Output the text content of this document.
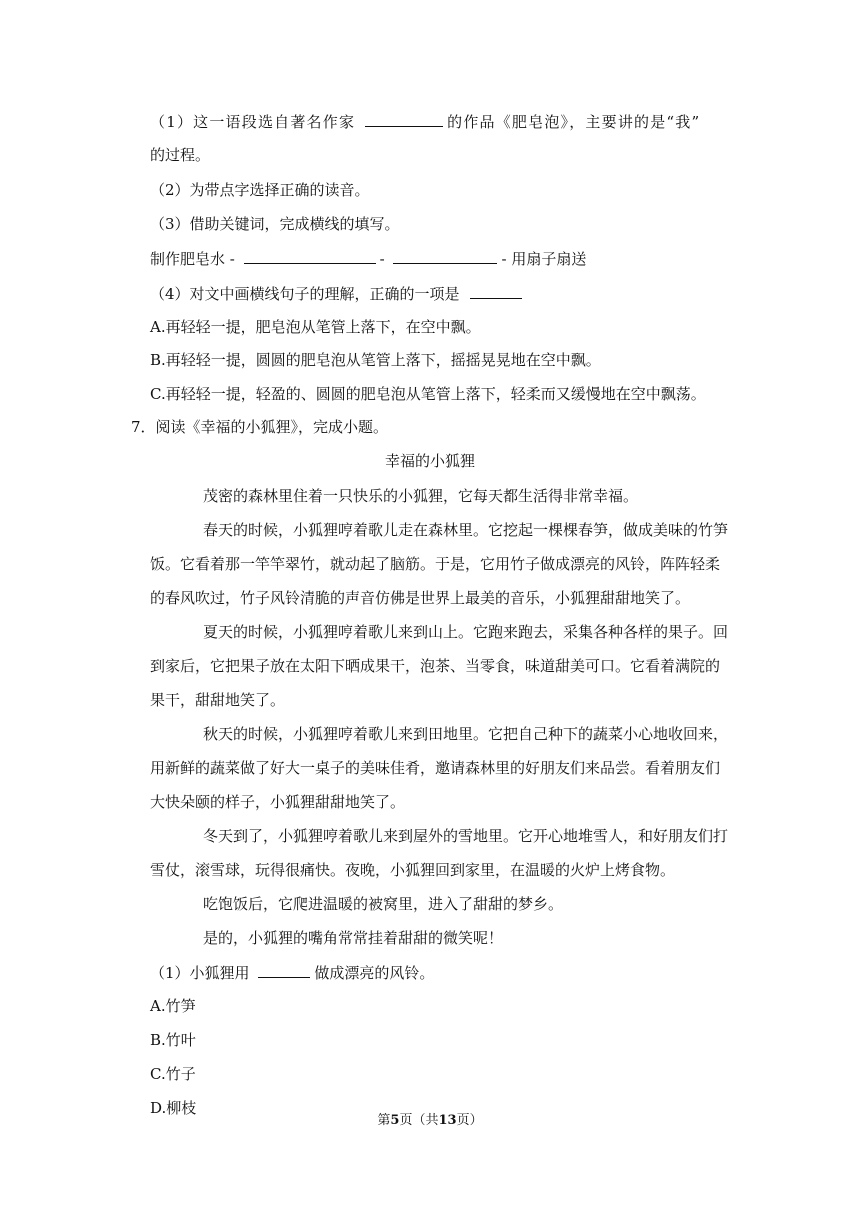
（1）这一语段选自著名作家	的作品《肥皂泡》，主要讲的是“我”
的过程。
（2）为带点字选择正确的读音。
（3）借助关键词，完成横线的填写。
制作肥皂水 -	-	- 用扇子扇送
（4）对文中画横线句子的理解，正确的一项是
A.再轻轻一提，肥皂泡从笔管上落下，在空中飘。
B.再轻轻一提，圆圆的肥皂泡从笔管上落下，摇摇晃晃地在空中飘。
C.再轻轻一提，轻盈的、圆圆的肥皂泡从笔管上落下，轻柔而又缓慢地在空中飘荡。
7．阅读《幸福的小狐狸》，完成小题。
幸福的小狐狸
茂密的森林里住着一只快乐的小狐狸，它每天都生活得非常幸福。
春天的时候，小狐狸哼着歌儿走在森林里。它挖起一棵棵春笋，做成美味的竹笋
饭。它看着那一竿竿翠竹，就动起了脑筋。于是，它用竹子做成漂亮的风铃，阵阵轻柔
的春风吹过，竹子风铃清脆的声音仿佛是世界上最美的音乐，小狐狸甜甜地笑了。
夏天的时候，小狐狸哼着歌儿来到山上。它跑来跑去，采集各种各样的果子。回
到家后，它把果子放在太阳下晒成果干，泡茶、当零食，味道甜美可口。它看着满院的
果干，甜甜地笑了。
秋天的时候，小狐狸哼着歌儿来到田地里。它把自己种下的蔬菜小心地收回来，
用新鲜的蔬菜做了好大一桌子的美味佳肴，邀请森林里的好朋友们来品尝。看着朋友们
大快朵颐的样子，小狐狸甜甜地笑了。
冬天到了，小狐狸哼着歌儿来到屋外的雪地里。它开心地堆雪人，和好朋友们打
雪仗，滚雪球，玩得很痛快。夜晚，小狐狸回到家里，在温暖的火炉上烤食物。
吃饱饭后，它爬进温暖的被窝里，进入了甜甜的梦乡。
是的，小狐狸的嘴角常常挂着甜甜的微笑呢！
（1）小狐狸用	做成漂亮的风铃。
A.竹笋
B.竹叶
C.竹子
D.柳枝
第5页（共13页）
